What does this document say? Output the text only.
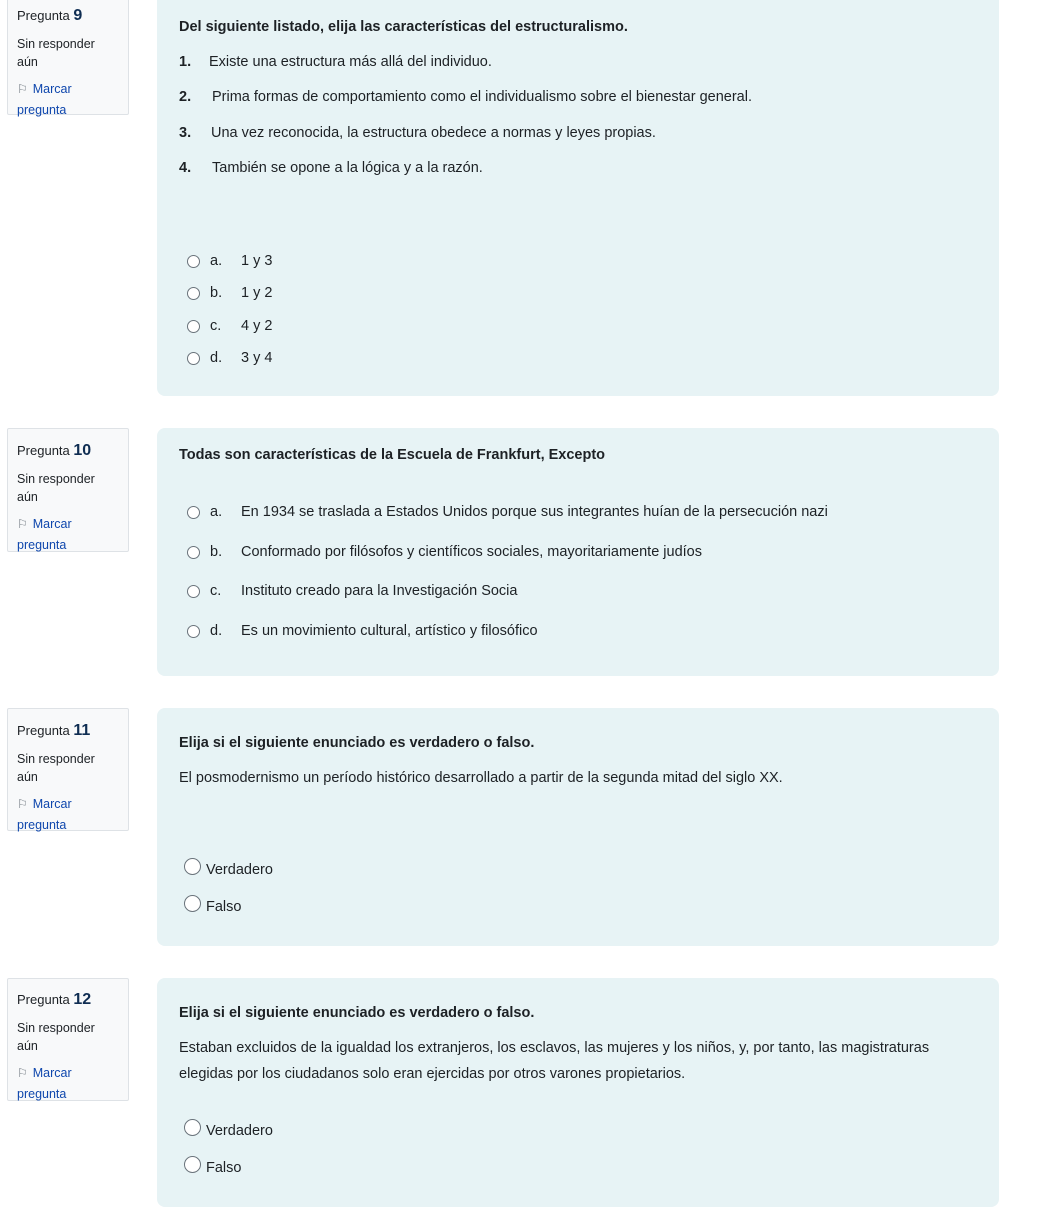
Pregunta 9
Sin responder aún
⚐ Marcar
pregunta
Del siguiente listado, elija las características del estructuralismo.
1. Existe una estructura más allá del individuo.
2. Prima formas de comportamiento como el individualismo sobre el bienestar general.
3. Una vez reconocida, la estructura obedece a normas y leyes propias.
4. También se opone a la lógica y a la razón.
a.	1 y 3
b.	1 y 2
c.	4 y 2
d.	3 y 4
Pregunta 10
Sin responder aún
⚐ Marcar
pregunta
Todas son características de la Escuela de Frankfurt, Excepto
a.	En 1934 se traslada a Estados Unidos porque sus integrantes huían de la persecución nazi
b.	Conformado por filósofos y científicos sociales, mayoritariamente judíos
c.	Instituto creado para la Investigación Socia
d.	Es un movimiento cultural, artístico y filosófico
Pregunta 11
Sin responder aún
⚐ Marcar
pregunta
Elija si el siguiente enunciado es verdadero o falso.
El posmodernismo un período histórico desarrollado a partir de la segunda mitad del siglo XX.
Verdadero
Falso
Pregunta 12
Sin responder aún
⚐ Marcar
pregunta
Elija si el siguiente enunciado es verdadero o falso.
Estaban excluidos de la igualdad los extranjeros, los esclavos, las mujeres y los niños, y, por tanto, las magistraturas elegidas por los ciudadanos solo eran ejercidas por otros varones propietarios.
Verdadero
Falso
